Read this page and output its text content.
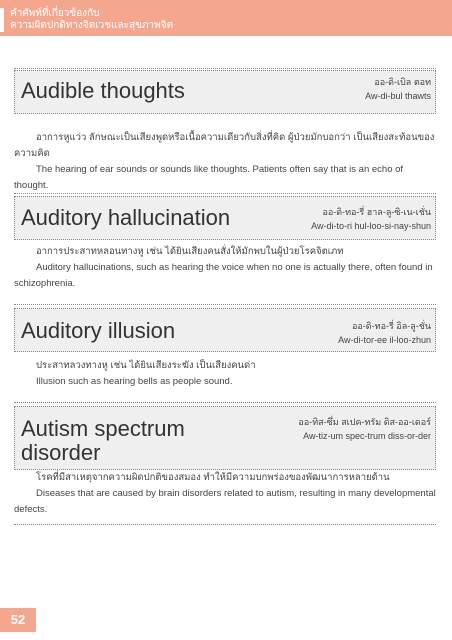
คำศัพท์ที่เกี่ยวข้องกับ
ความผิดปกติทางจิตเวชและสุขภาพจิต
Audible thoughts	ออ-ดิ-เบิล ตอท
Aw-di-bul thawts

อาการหูแว่ว ลักษณะเป็นเสียงพูดหรือเนื้อความเดียวกับสิ่งที่คิด ผู้ป่วยมักบอกว่า เป็นเสียงสะท้อนของความคิด

The hearing of ear sounds or sounds like thoughts. Patients often say that is an echo of thought.

Auditory hallucination	ออ-ดิ-ทอ-รี่ ฮาล-ลู-ซิ-เน-เชั่น
Aw-di-to-ri hul-loo-si-nay-shun

อาการประสาทหลอนทางหู เช่น ได้ยินเสียงคนสั่งให้มักพบในผู้ป่วยโรคจิตเภท

Auditory hallucinations, such as hearing the voice when no one is actually there, often found in schizophrenia.

Auditory illusion	ออ-ดิ-ทอ-รี่ อิล-ลู-ชั่น
Aw-di-tor-ee il-loo-zhun

ประสาทลวงทางหู เช่น ได้ยินเสียงระฆัง เป็นเสียงคนด่า

Illusion such as hearing bells as people sound.

Autism spectrum disorder
ออ-ทิส-ซึ่ม สเปค-ทรัม ดิส-ออ-เดอร์
Aw-tiz-um spec-trum diss-or-der

โรคที่มีสาเหตุจากความผิดปกติของสมอง ทำให้มีความบกพร่องของพัฒนาการหลายด้าน

Diseases that are caused by brain disorders related to autism, resulting in many developmental defects.

52
